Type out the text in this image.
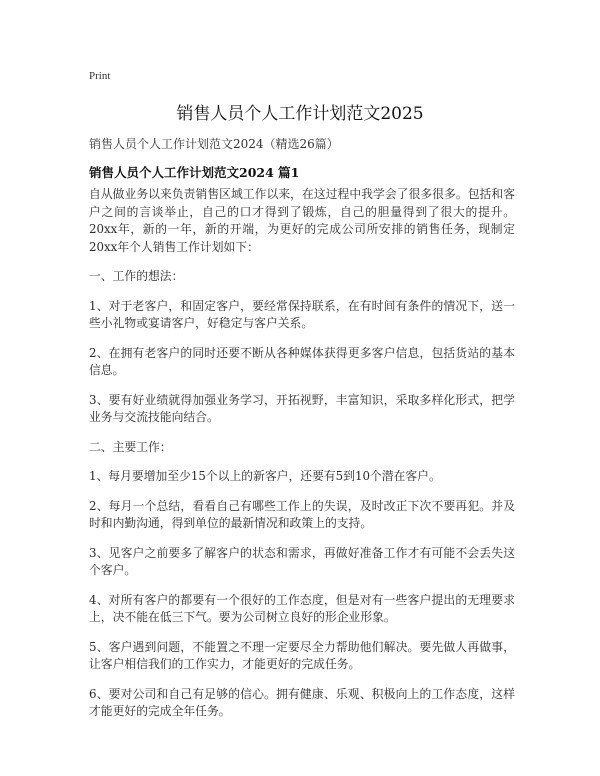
Print
销售人员个人工作计划范文2025
销售人员个人工作计划范文2024（精选26篇）
销售人员个人工作计划范文2024 篇1

自从做业务以来负责销售区域工作以来，在这过程中我学会了很多很多。包括和客户之间的言谈举止，自己的口才得到了锻炼，自己的胆量得到了很大的提升。20xx年，新的一年，新的开端，为更好的完成公司所安排的销售任务，现制定20xx年个人销售工作计划如下：

一、工作的想法：

1、对于老客户，和固定客户，要经常保持联系，在有时间有条件的情况下，送一些小礼物或宴请客户，好稳定与客户关系。

2、在拥有老客户的同时还要不断从各种媒体获得更多客户信息，包括货站的基本信息。

3、要有好业绩就得加强业务学习，开拓视野，丰富知识，采取多样化形式，把学业务与交流技能向结合。

二、主要工作：

1、每月要增加至少15个以上的新客户，还要有5到10个潜在客户。

2、每月一个总结，看看自己有哪些工作上的失误，及时改正下次不要再犯。并及时和内勤沟通，得到单位的最新情况和政策上的支持。

3、见客户之前要多了解客户的状态和需求，再做好准备工作才有可能不会丢失这个客户。

4、对所有客户的都要有一个很好的工作态度，但是对有一些客户提出的无理要求上，决不能在低三下气。要为公司树立良好的形企业形象。

5、客户遇到问题，不能置之不理一定要尽全力帮助他们解决。要先做人再做事，让客户相信我们的工作实力，才能更好的完成任务。

6、要对公司和自己有足够的信心。拥有健康、乐观、积极向上的工作态度，这样才能更好的完成全年任务。
